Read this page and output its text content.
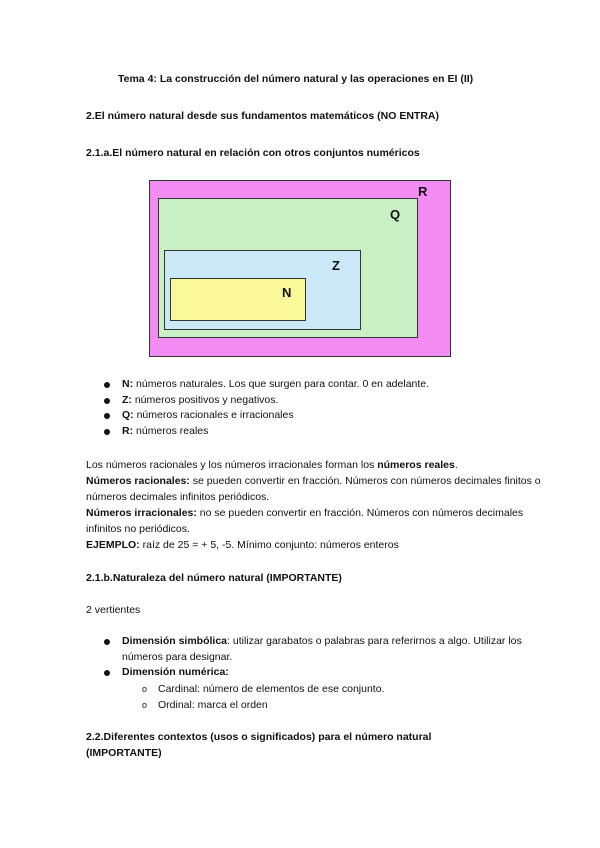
Tema 4: La construcción del número natural y las operaciones en EI (II)
2.El número natural desde sus fundamentos matemáticos (NO ENTRA)
2.1.a.El número natural en relación con otros conjuntos numéricos
R
Q
Z
N
N: números naturales. Los que surgen para contar. 0 en adelante.
Z: números positivos y negativos.
Q: números racionales e irracionales
R: números reales
Los números racionales y los números irracionales forman los números reales.
Números racionales: se pueden convertir en fracción. Números con números decimales finitos o números decimales infinitos periódicos.
Números irracionales: no se pueden convertir en fracción. Números con números decimales infinitos no periódicos.
EJEMPLO: raíz de 25 = + 5, -5. Mínimo conjunto: números enteros
2.1.b.Naturaleza del número natural (IMPORTANTE)
2 vertientes
Dimensión simbólica: utilizar garabatos o palabras para referirnos a algo. Utilizar los números para designar.
Dimensión numérica:
o Cardinal: número de elementos de ese conjunto.
o Ordinal: marca el orden
2.2.Diferentes contextos (usos o significados) para el número natural (IMPORTANTE)
